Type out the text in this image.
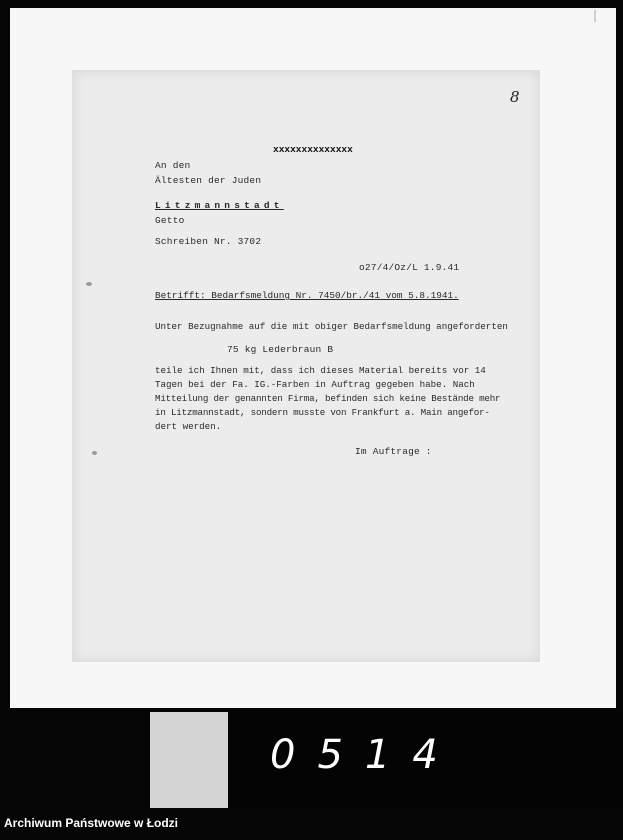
8
xxxxxxxxxxxxxx
An den
Ältesten der Juden
Litzmannstadt
Getto
Schreiben Nr. 3702
o27/4/Oz/L 1.9.41
Betrifft: Bedarfsmeldung Nr. 7450/br./41 vom 5.8.1941.
Unter Bezugnahme auf die mit obiger Bedarfsmeldung angeforderten
75 kg Lederbraun B
teile ich Ihnen mit, dass ich dieses Material bereits vor 14
Tagen bei der Fa. IG.-Farben in Auftrag gegeben habe. Nach
Mitteilung der genannten Firma, befinden sich keine Bestände mehr
in Litzmannstadt, sondern musste von Frankfurt a. Main angefor-
dert werden.
Im Auftrage :
0514
Archiwum Państwowe w Łodzi
